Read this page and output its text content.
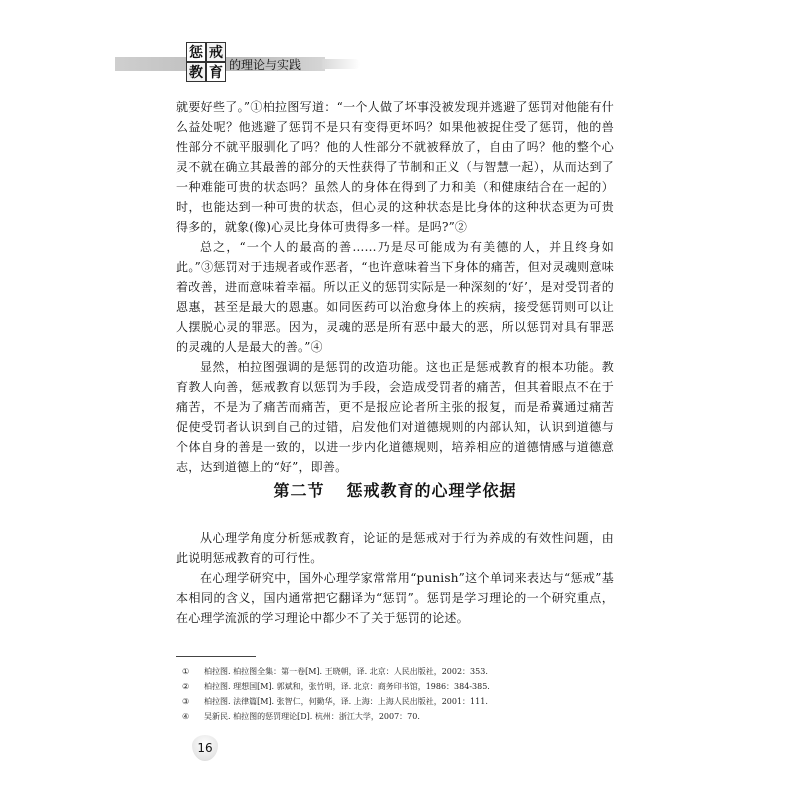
惩 戒
教 育 的理论与实践

就要好些了。”①柏拉图写道：“一个人做了坏事没被发现并逃避了惩罚对他能有什么益处呢？他逃避了惩罚不是只有变得更坏吗？如果他被捉住受了惩罚，他的兽性部分不就平服驯化了吗？他的人性部分不就被释放了，自由了吗？他的整个心灵不就在确立其最善的部分的天性获得了节制和正义（与智慧一起），从而达到了一种难能可贵的状态吗？虽然人的身体在得到了力和美（和健康结合在一起的）时，也能达到一种可贵的状态，但心灵的这种状态是比身体的这种状态更为可贵得多的，就象(像)心灵比身体可贵得多一样。是吗?”②

总之，“一个人的最高的善……乃是尽可能成为有美德的人，并且终身如此。”③惩罚对于违规者或作恶者，“也许意味着当下身体的痛苦，但对灵魂则意味着改善，进而意味着幸福。所以正义的惩罚实际是一种深刻的‘好’，是对受罚者的恩惠，甚至是最大的恩惠。如同医药可以治愈身体上的疾病，接受惩罚则可以让人摆脱心灵的罪恶。因为，灵魂的恶是所有恶中最大的恶，所以惩罚对具有罪恶的灵魂的人是最大的善。”④

显然，柏拉图强调的是惩罚的改造功能。这也正是惩戒教育的根本功能。教育教人向善，惩戒教育以惩罚为手段，会造成受罚者的痛苦，但其着眼点不在于痛苦，不是为了痛苦而痛苦，更不是报应论者所主张的报复，而是希冀通过痛苦促使受罚者认识到自己的过错，启发他们对道德规则的内部认知，认识到道德与个体自身的善是一致的，以进一步内化道德规则，培养相应的道德情感与道德意志，达到道德上的“好”，即善。

第二节 惩戒教育的心理学依据

从心理学角度分析惩戒教育，论证的是惩戒对于行为养成的有效性问题，由此说明惩戒教育的可行性。

在心理学研究中，国外心理学家常常用“punish”这个单词来表达与“惩戒”基本相同的含义，国内通常把它翻译为“惩罚”。惩罚是学习理论的一个研究重点，在心理学流派的学习理论中都少不了关于惩罚的论述。

① 柏拉图. 柏拉图全集：第一卷[M]. 王晓朝，译. 北京：人民出版社，2002：353.
② 柏拉图. 理想国[M]. 郭斌和，张竹明，译. 北京：商务印书馆，1986：384-385.
③ 柏拉图. 法律篇[M]. 张智仁，何勤华，译. 上海：上海人民出版社，2001：111.
④ 吴新民. 柏拉图的惩罚理论[D]. 杭州：浙江大学，2007：70.
16
